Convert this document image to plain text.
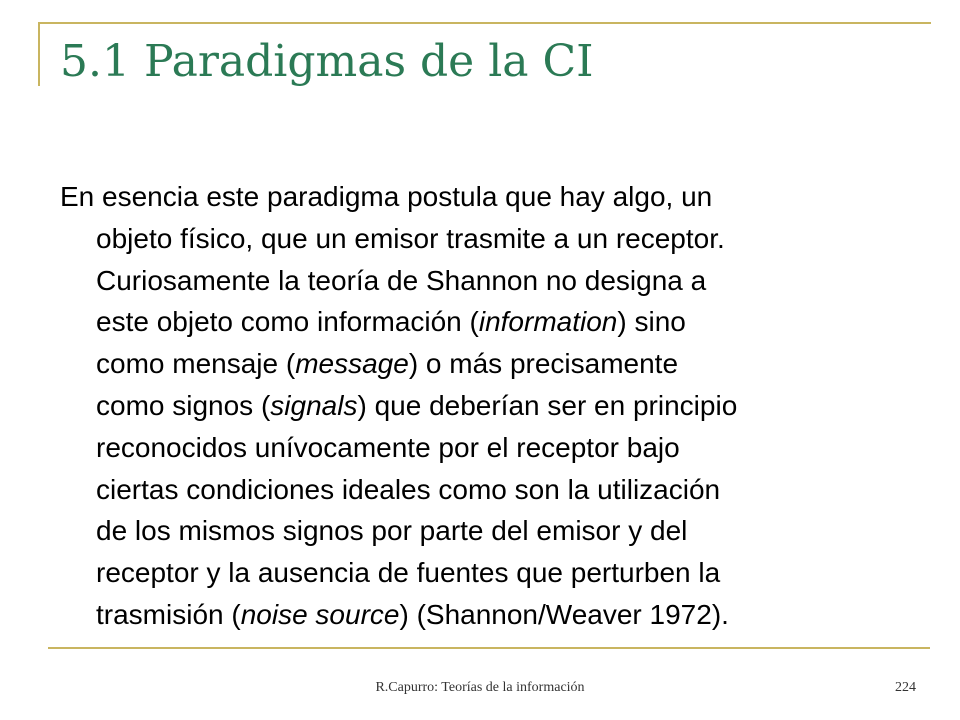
5.1 Paradigmas de la CI
En esencia este paradigma postula que hay algo, un
objeto físico, que un emisor trasmite a un receptor.
Curiosamente la teoría de Shannon no designa a
este objeto como información (information) sino
como mensaje (message) o más precisamente
como signos (signals) que deberían ser en principio
reconocidos unívocamente por el receptor bajo
ciertas condiciones ideales como son la utilización
de los mismos signos por parte del emisor y del
receptor y la ausencia de fuentes que perturben la
trasmisión (noise source) (Shannon/Weaver 1972).
R.Capurro: Teorías de la información	224
